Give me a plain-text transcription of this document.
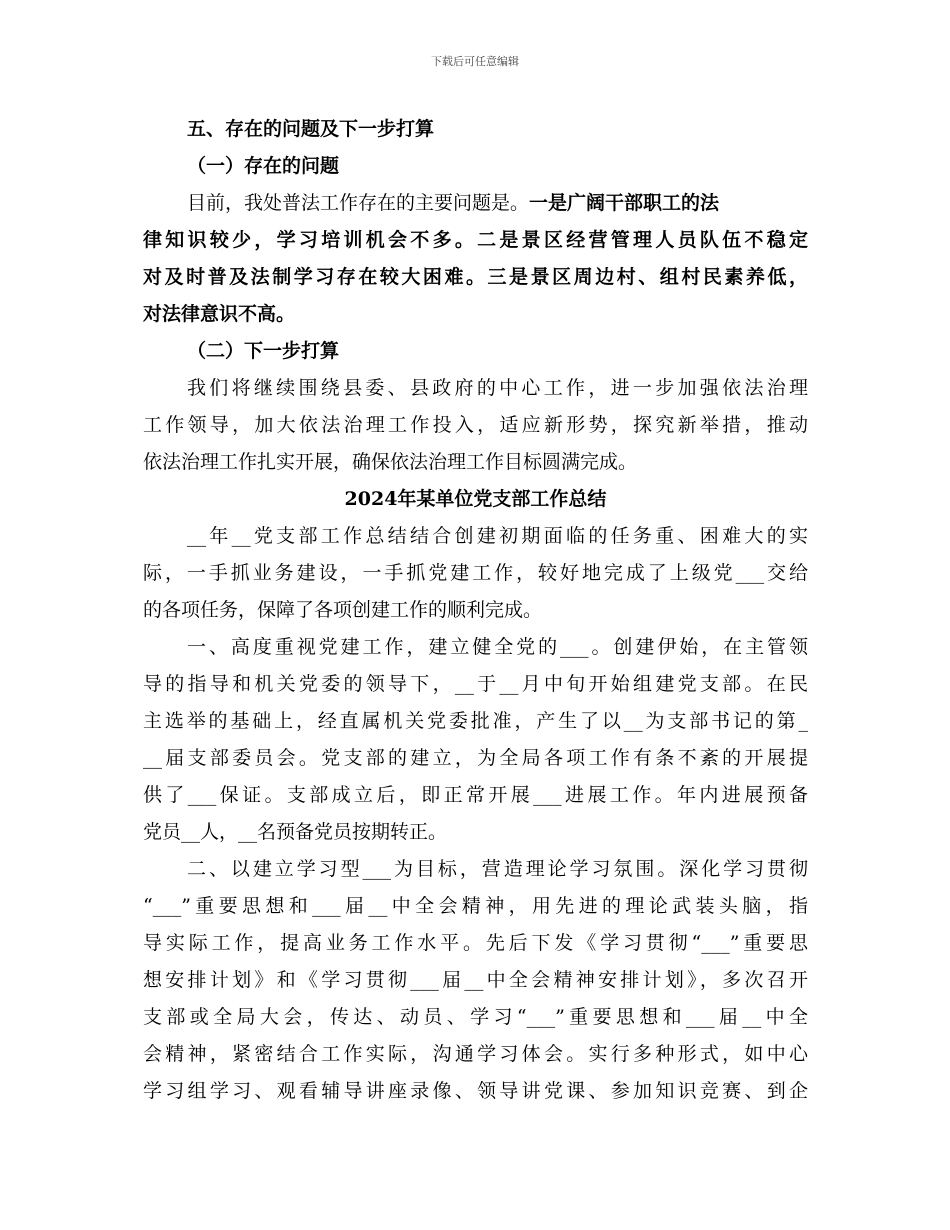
下载后可任意编辑
五、存在的问题及下一步打算
（一）存在的问题
目前，我处普法工作存在的主要问题是。一是广阔干部职工的法
律知识较少，学习培训机会不多。二是景区经营管理人员队伍不稳定
对及时普及法制学习存在较大困难。三是景区周边村、组村民素养低，
对法律意识不高。
（二）下一步打算
我们将继续围绕县委、县政府的中心工作，进一步加强依法治理
工作领导，加大依法治理工作投入，适应新形势，探究新举措，推动
依法治理工作扎实开展，确保依法治理工作目标圆满完成。
2024年某单位党支部工作总结
__年__党支部工作总结结合创建初期面临的任务重、困难大的实
际，一手抓业务建设，一手抓党建工作，较好地完成了上级党___交给
的各项任务，保障了各项创建工作的顺利完成。
一、高度重视党建工作，建立健全党的___。创建伊始，在主管领
导的指导和机关党委的领导下，__于__月中旬开始组建党支部。在民
主选举的基础上，经直属机关党委批准，产生了以__为支部书记的第_
__届支部委员会。党支部的建立，为全局各项工作有条不紊的开展提
供了___保证。支部成立后，即正常开展___进展工作。年内进展预备
党员__人，__名预备党员按期转正。
二、以建立学习型___为目标，营造理论学习氛围。深化学习贯彻
“___”重要思想和___届__中全会精神，用先进的理论武装头脑，指
导实际工作，提高业务工作水平。先后下发《学习贯彻“___”重要思
想安排计划》和《学习贯彻___届__中全会精神安排计划》，多次召开
支部或全局大会，传达、动员、学习“___”重要思想和___届__中全
会精神，紧密结合工作实际，沟通学习体会。实行多种形式，如中心
学习组学习、观看辅导讲座录像、领导讲党课、参加知识竞赛、到企
